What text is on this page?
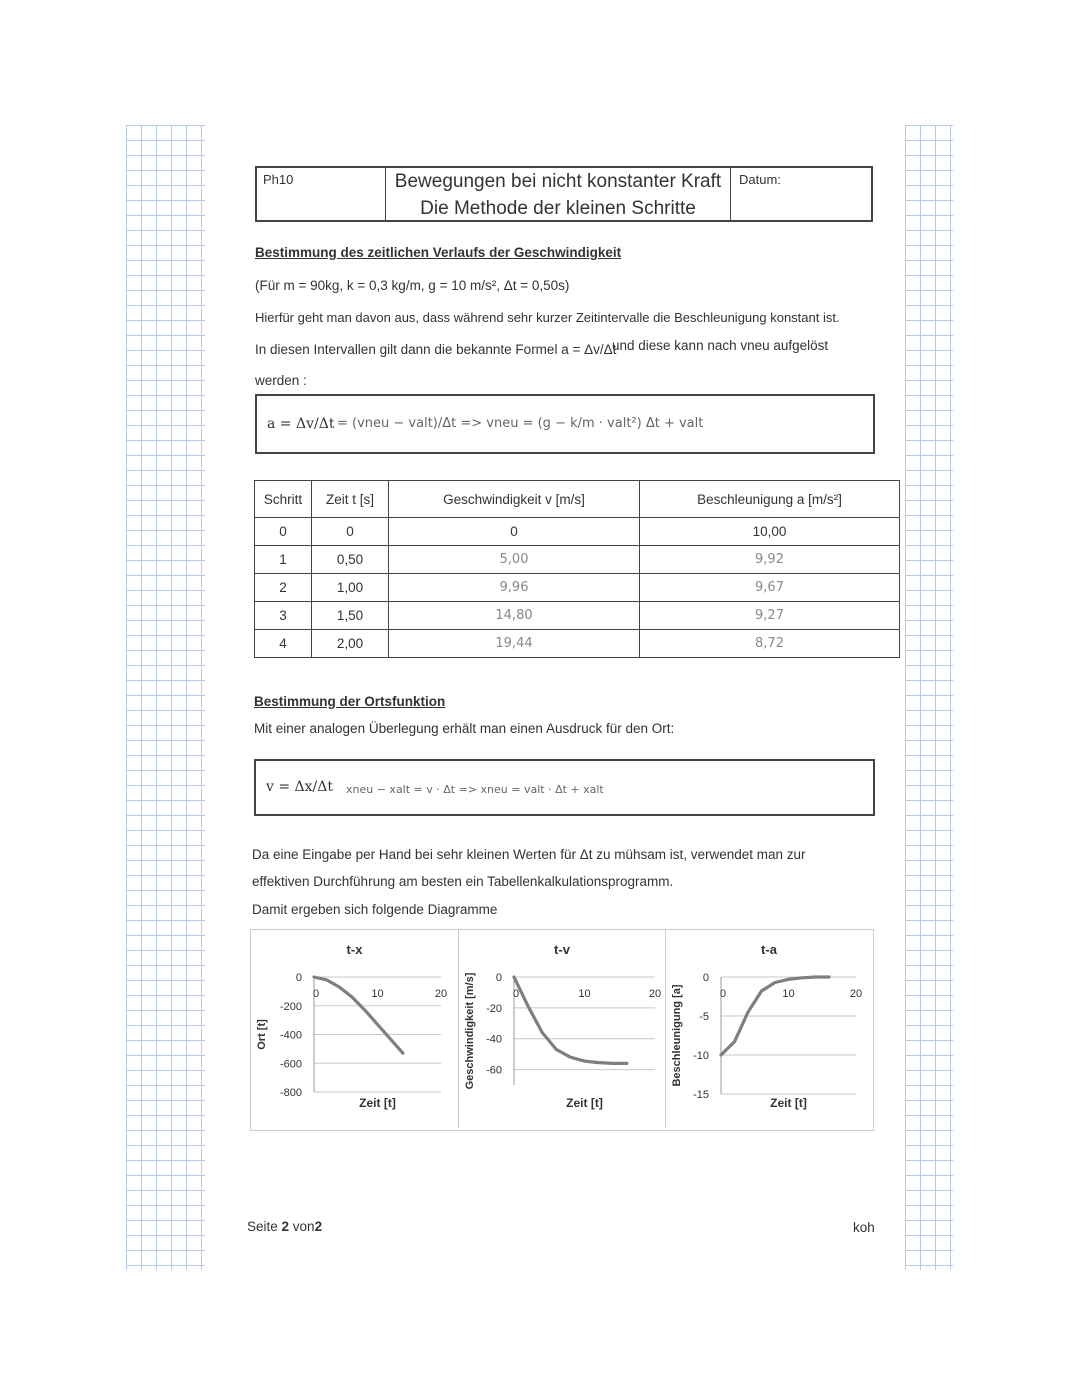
Ph10	Bewegungen bei nicht konstanter Kraft
Die Methode der kleinen Schritte
Datum:
Bestimmung des zeitlichen Verlaufs der Geschwindigkeit
(Für m = 90kg, k = 0,3 kg/m, g = 10 m/s², Δt = 0,50s)
Hierfür geht man davon aus, dass während sehr kurzer Zeitintervalle die Beschleunigung konstant ist.
In diesen Intervallen gilt dann die bekannte Formel a = Δv/Δt
und diese kann nach vneu aufgelöst
werden :
a = Δv/Δt = (vneu − valt)/Δt => vneu = (g − k/m · valt²) Δt + valt
Schritt	Zeit t [s]	Geschwindigkeit v [m/s]	Beschleunigung a [m/s²]
0	0	0	10,00
1	0,50	5,00	9,92
2	1,00	9,96	9,67
3	1,50	14,80	9,27
4	2,00	19,44	8,72
Bestimmung der Ortsfunktion
Mit einer analogen Überlegung erhält man einen Ausdruck für den Ort:
v = Δx/Δt xneu − xalt = v · Δt => xneu = valt · Δt + xalt
Da eine Eingabe per Hand bei sehr kleinen Werten für Δt zu mühsam ist, verwendet man zur
effektiven Durchführung am besten ein Tabellenkalkulationsprogramm.
Damit ergeben sich folgende Diagramme
t-x
0
-200
-400
-600
-800
0	10	20
Zeit [t]
Ort [t]
t-v
0
-20
-40
-60
0	10	20
Zeit [t]
Geschwindigkeit [m/s]
t-a
0
-5
-10
-15
0	10	20
Zeit [t]
Beschleunigung [a]
Seite 2 von2	koh
